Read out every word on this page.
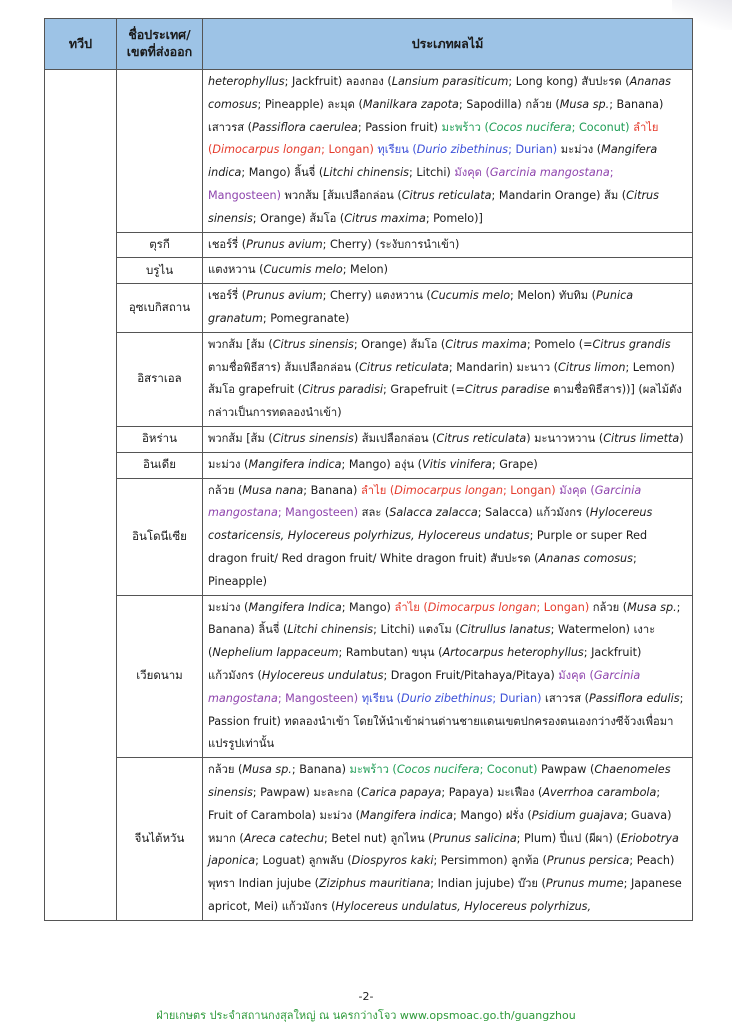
ทวีป	ชื่อประเทศ/เขตที่ส่งออก	ประเภทผลไม้
		heterophyllus; Jackfruit) ลองกอง (Lansium parasiticum; Long kong) สับปะรด (Ananas comosus; Pineapple) ละมุด (Manilkara zapota; Sapodilla) กล้วย (Musa sp.; Banana) เสาวรส (Passiflora caerulea; Passion fruit) มะพร้าว (Cocos nucifera; Coconut) ลำไย (Dimocarpus longan; Longan) ทุเรียน (Durio zibethinus; Durian) มะม่วง (Mangifera indica; Mango) ลิ้นจี่ (Litchi chinensis; Litchi) มังคุด (Garcinia mangostana; Mangosteen) พวกส้ม [ส้มเปลือกล่อน (Citrus reticulata; Mandarin Orange) ส้ม (Citrus sinensis; Orange) ส้มโอ (Citrus maxima; Pomelo)]
	ตุรกี	เชอร์รี่ (Prunus avium; Cherry) (ระงับการนำเข้า)
	บรูไน	แตงหวาน (Cucumis melo; Melon)
	อุซเบกิสถาน	เชอร์รี่ (Prunus avium; Cherry) แตงหวาน (Cucumis melo; Melon) ทับทิม (Punica granatum; Pomegranate)
	อิสราเอล	พวกส้ม [ส้ม (Citrus sinensis; Orange) ส้มโอ (Citrus maxima; Pomelo (=Citrus grandis ตามชื่อพิธีสาร) ส้มเปลือกล่อน (Citrus reticulata; Mandarin) มะนาว (Citrus limon; Lemon) ส้มโอ grapefruit (Citrus paradisi; Grapefruit (=Citrus paradise ตามชื่อพิธีสาร))] (ผลไม้ดังกล่าวเป็นการทดลองนำเข้า)
	อิหร่าน	พวกส้ม [ส้ม (Citrus sinensis) ส้มเปลือกล่อน (Citrus reticulata) มะนาวหวาน (Citrus limetta)
	อินเดีย	มะม่วง (Mangifera indica; Mango) องุ่น (Vitis vinifera; Grape)
	อินโดนีเซีย	กล้วย (Musa nana; Banana) ลำไย (Dimocarpus longan; Longan) มังคุด (Garcinia mangostana; Mangosteen) สละ (Salacca zalacca; Salacca) แก้วมังกร (Hylocereus costaricensis, Hylocereus polyrhizus, Hylocereus undatus; Purple or super Red dragon fruit/ Red dragon fruit/ White dragon fruit) สับปะรด (Ananas comosus; Pineapple)
	เวียดนาม	มะม่วง (Mangifera Indica; Mango) ลำไย (Dimocarpus longan; Longan) กล้วย (Musa sp.; Banana) ลิ้นจี่ (Litchi chinensis; Litchi) แตงโม (Citrullus lanatus; Watermelon) เงาะ (Nephelium lappaceum; Rambutan) ขนุน (Artocarpus heterophyllus; Jackfruit) แก้วมังกร (Hylocereus undulatus; Dragon Fruit/Pitahaya/Pitaya) มังคุด (Garcinia mangostana; Mangosteen) ทุเรียน (Durio zibethinus; Durian) เสาวรส (Passiflora edulis; Passion fruit) ทดลองนำเข้า โดยให้นำเข้าผ่านด่านชายแดนเขตปกครองตนเองกว่างซีจ้วงเพื่อมาแปรรูปเท่านั้น
	จีนไต้หวัน	กล้วย (Musa sp.; Banana) มะพร้าว (Cocos nucifera; Coconut) Pawpaw (Chaenomeles sinensis; Pawpaw) มะละกอ (Carica papaya; Papaya) มะเฟือง (Averrhoa carambola; Fruit of Carambola) มะม่วง (Mangifera indica; Mango) ฝรั่ง (Psidium guajava; Guava) หมาก (Areca catechu; Betel nut) ลูกไหน (Prunus salicina; Plum) ปี่แป (ผีผา) (Eriobotrya japonica; Loguat) ลูกพลับ (Diospyros kaki; Persimmon) ลูกท้อ (Prunus persica; Peach) พุทรา Indian jujube (Ziziphus mauritiana; Indian jujube) บ๊วย (Prunus mume; Japanese apricot, Mei) แก้วมังกร (Hylocereus undulatus, Hylocereus polyrhizus,
-2-
ฝ่ายเกษตร ประจำสถานกงสุลใหญ่ ณ นครกว่างโจว www.opsmoac.go.th/guangzhou
